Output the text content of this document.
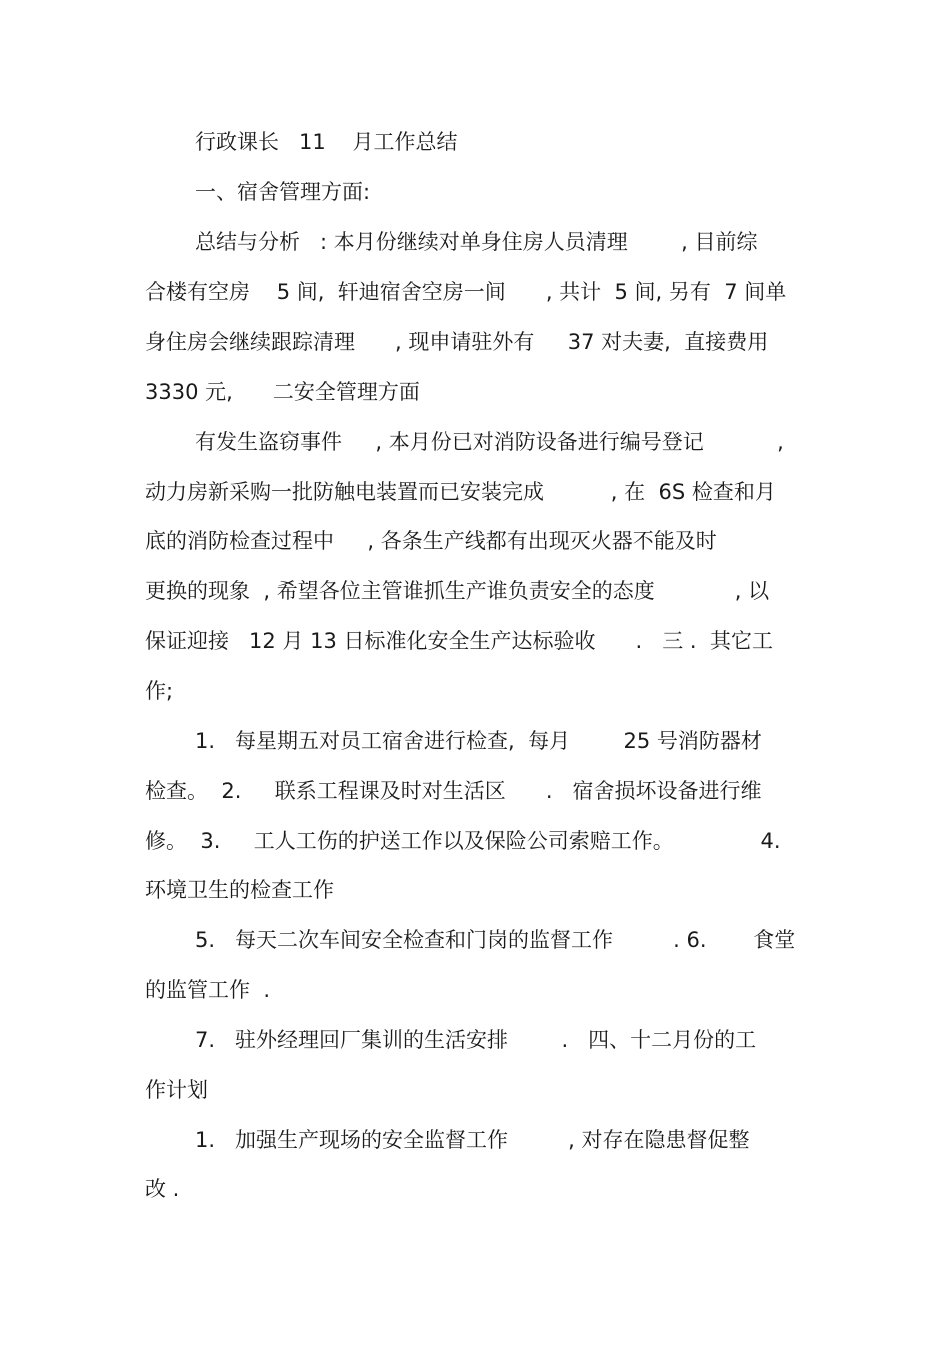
行政课长   11    月工作总结
一、宿舍管理方面:
总结与分析   : 本月份继续对单身住房人员清理        , 目前综
合楼有空房    5 间,  轩迪宿舍空房一间      , 共计  5 间, 另有  7 间单
身住房会继续跟踪清理      , 现申请驻外有     37 对夫妻,  直接费用
3330 元,      二安全管理方面
有发生盗窃事件     , 本月份已对消防设备进行编号登记           ,
动力房新采购一批防触电装置而已安装完成          , 在  6S 检查和月
底的消防检查过程中     , 各条生产线都有出现灭火器不能及时
更换的现象  , 希望各位主管谁抓生产谁负责安全的态度            , 以
保证迎接   12 月 13 日标准化安全生产达标验收      .   三 .  其它工
作;
1.   每星期五对员工宿舍进行检查,  每月        25 号消防器材
检查。  2.     联系工程课及时对生活区      .   宿舍损坏设备进行维
修。  3.     工人工伤的护送工作以及保险公司索赔工作。             4.
环境卫生的检查工作
5.   每天二次车间安全检查和门岗的监督工作         . 6.       食堂
的监管工作  .
7.   驻外经理回厂集训的生活安排        .   四、十二月份的工
作计划
1.   加强生产现场的安全监督工作         , 对存在隐患督促整
改 .
